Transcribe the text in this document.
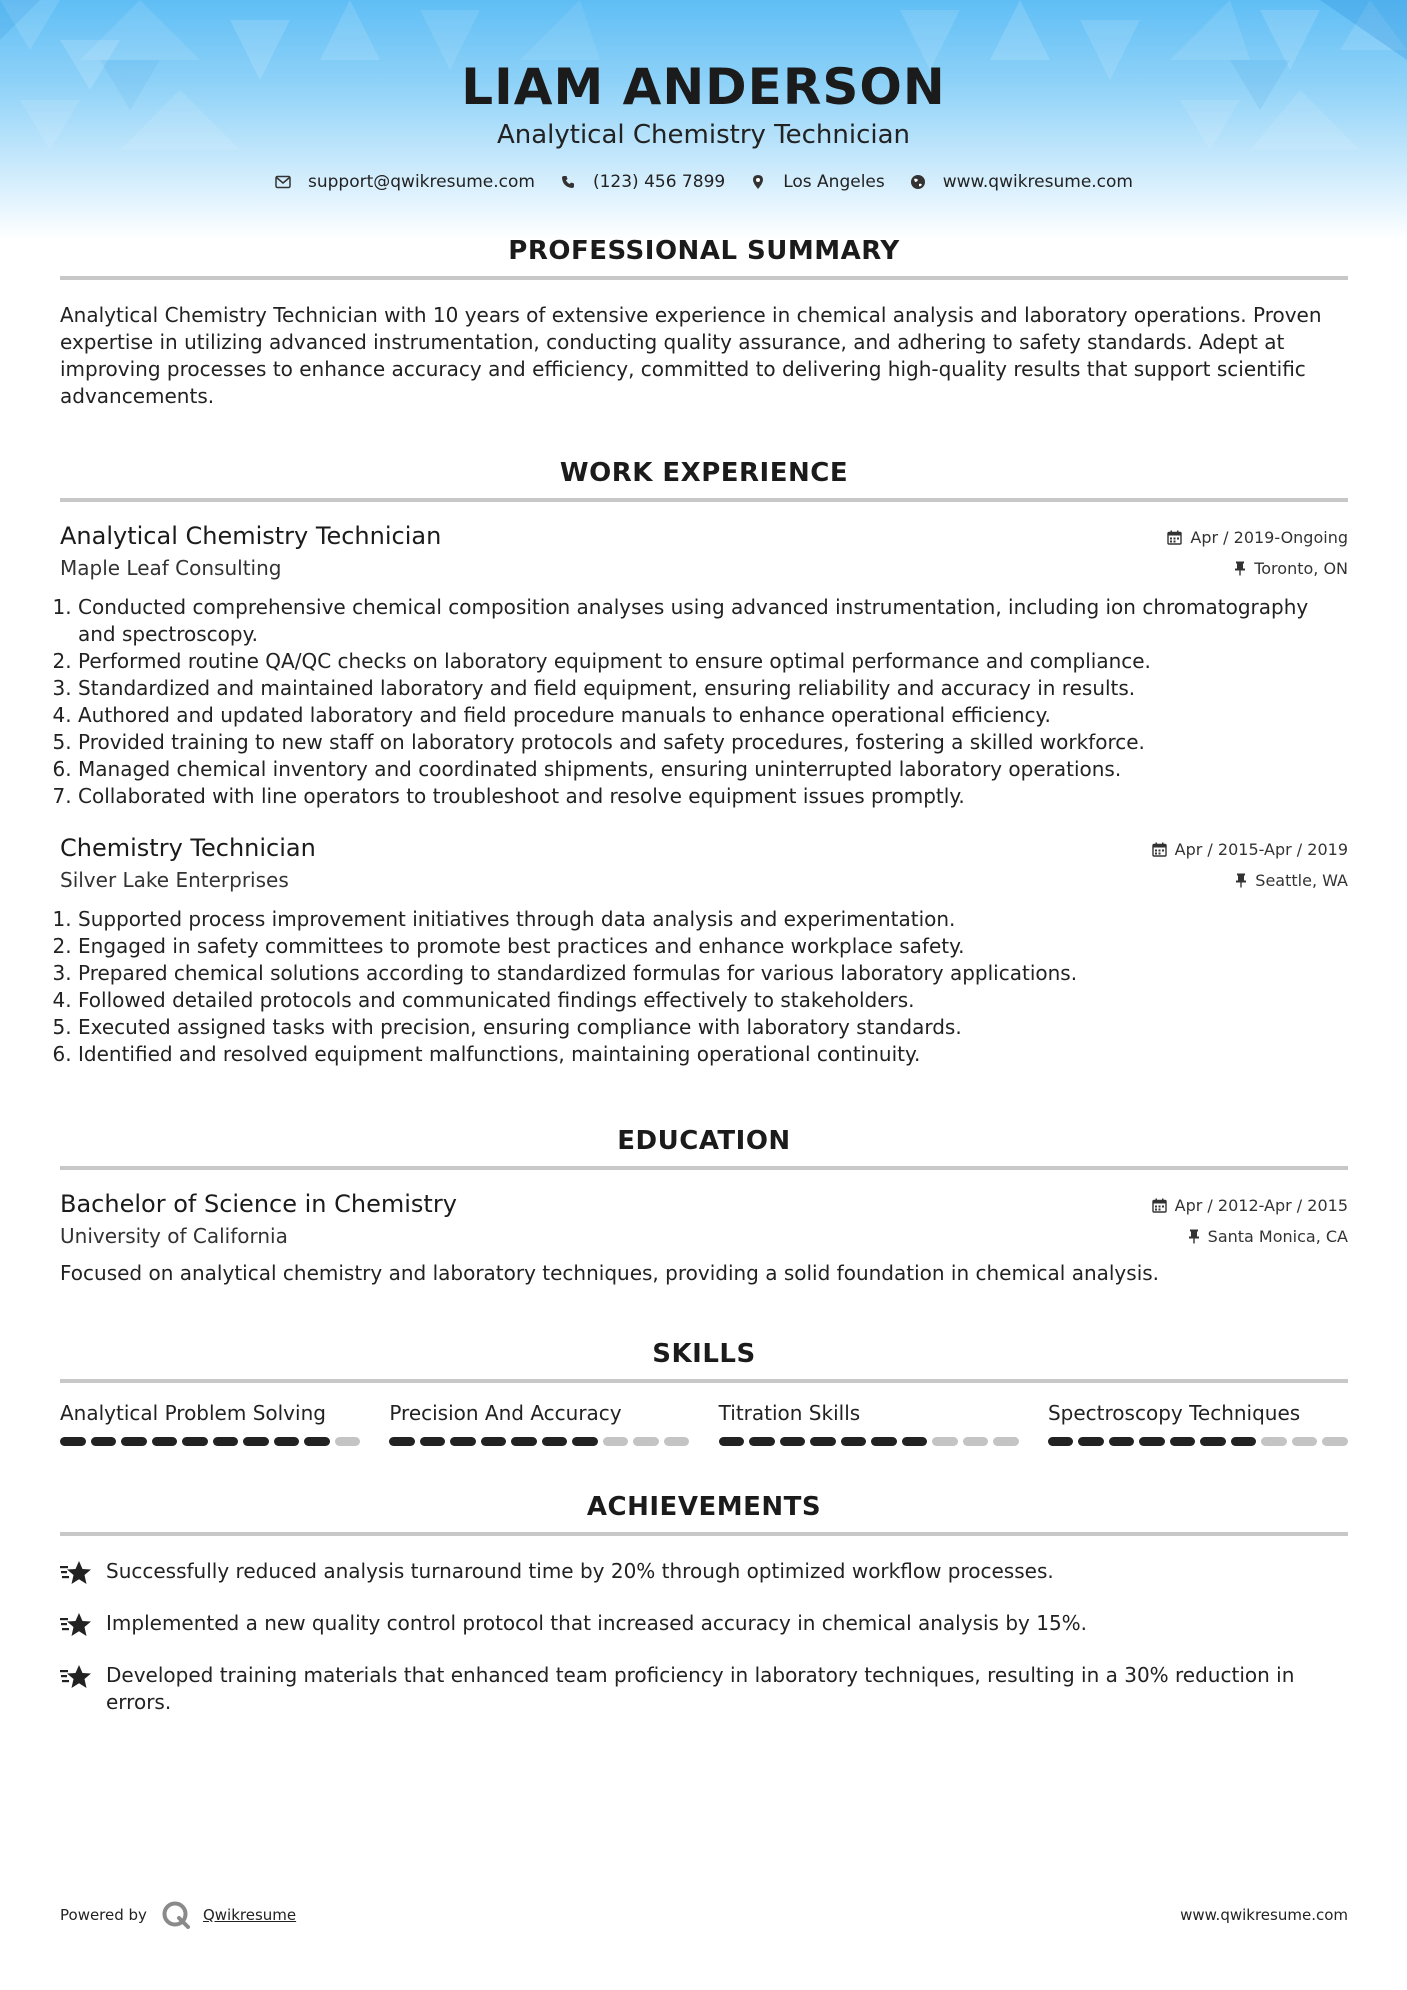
LIAM ANDERSON
Analytical Chemistry Technician
support@qwikresume.com	(123) 456 7899	Los Angeles	www.qwikresume.com
PROFESSIONAL SUMMARY

Analytical Chemistry Technician with 10 years of extensive experience in chemical analysis and laboratory operations. Proven expertise in utilizing advanced instrumentation, conducting quality assurance, and adhering to safety standards. Adept at improving processes to enhance accuracy and efficiency, committed to delivering high-quality results that support scientific advancements.

WORK EXPERIENCE
Analytical Chemistry Technician
Maple Leaf Consulting
Apr / 2019-Ongoing
Toronto, ON
1. Conducted comprehensive chemical composition analyses using advanced instrumentation, including ion chromatography and spectroscopy.
2. Performed routine QA/QC checks on laboratory equipment to ensure optimal performance and compliance.
3. Standardized and maintained laboratory and field equipment, ensuring reliability and accuracy in results.
4. Authored and updated laboratory and field procedure manuals to enhance operational efficiency.
5. Provided training to new staff on laboratory protocols and safety procedures, fostering a skilled workforce.
6. Managed chemical inventory and coordinated shipments, ensuring uninterrupted laboratory operations.
7. Collaborated with line operators to troubleshoot and resolve equipment issues promptly.
Chemistry Technician
Silver Lake Enterprises
Apr / 2015-Apr / 2019
Seattle, WA
1. Supported process improvement initiatives through data analysis and experimentation.
2. Engaged in safety committees to promote best practices and enhance workplace safety.
3. Prepared chemical solutions according to standardized formulas for various laboratory applications.
4. Followed detailed protocols and communicated findings effectively to stakeholders.
5. Executed assigned tasks with precision, ensuring compliance with laboratory standards.
6. Identified and resolved equipment malfunctions, maintaining operational continuity.
EDUCATION
Bachelor of Science in Chemistry
University of California
Apr / 2012-Apr / 2015
Santa Monica, CA

Focused on analytical chemistry and laboratory techniques, providing a solid foundation in chemical analysis.

SKILLS
Analytical Problem Solving	Precision And Accuracy	Titration Skills	Spectroscopy Techniques
ACHIEVEMENTS
Successfully reduced analysis turnaround time by 20% through optimized workflow processes.
Implemented a new quality control protocol that increased accuracy in chemical analysis by 15%.
Developed training materials that enhanced team proficiency in laboratory techniques, resulting in a 30% reduction in errors.
Powered by	Qwikresume	www.qwikresume.com
